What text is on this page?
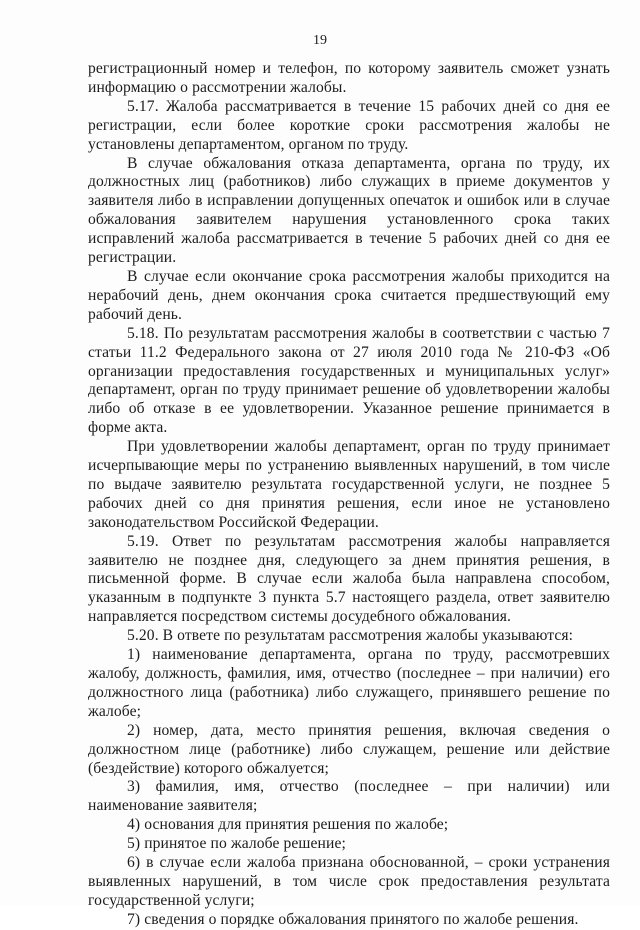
19

регистрационный номер и телефон, по которому заявитель сможет узнать информацию о рассмотрении жалобы.

5.17. Жалоба рассматривается в течение 15 рабочих дней со дня ее регистрации, если более короткие сроки рассмотрения жалобы не установлены департаментом, органом по труду.

В случае обжалования отказа департамента, органа по труду, их должностных лиц (работников) либо служащих в приеме документов у заявителя либо в исправлении допущенных опечаток и ошибок или в случае обжалования заявителем нарушения установленного срока таких исправлений жалоба рассматривается в течение 5 рабочих дней со дня ее регистрации.

В случае если окончание срока рассмотрения жалобы приходится на нерабочий день, днем окончания срока считается предшествующий ему рабочий день.

5.18. По результатам рассмотрения жалобы в соответствии с частью 7 статьи 11.2 Федерального закона от 27 июля 2010 года № 210-ФЗ «Об организации предоставления государственных и муниципальных услуг» департамент, орган по труду принимает решение об удовлетворении жалобы либо об отказе в ее удовлетворении. Указанное решение принимается в форме акта.

При удовлетворении жалобы департамент, орган по труду принимает исчерпывающие меры по устранению выявленных нарушений, в том числе по выдаче заявителю результата государственной услуги, не позднее 5 рабочих дней со дня принятия решения, если иное не установлено законодательством Российской Федерации.

5.19. Ответ по результатам рассмотрения жалобы направляется заявителю не позднее дня, следующего за днем принятия решения, в письменной форме. В случае если жалоба была направлена способом, указанным в подпункте 3 пункта 5.7 настоящего раздела, ответ заявителю направляется посредством системы досудебного обжалования.

5.20. В ответе по результатам рассмотрения жалобы указываются:

1) наименование департамента, органа по труду, рассмотревших жалобу, должность, фамилия, имя, отчество (последнее – при наличии) его должностного лица (работника) либо служащего, принявшего решение по жалобе;

2) номер, дата, место принятия решения, включая сведения о должностном лице (работнике) либо служащем, решение или действие (бездействие) которого обжалуется;

3) фамилия, имя, отчество (последнее – при наличии) или наименование заявителя;

4) основания для принятия решения по жалобе;

5) принятое по жалобе решение;

6) в случае если жалоба признана обоснованной, – сроки устранения выявленных нарушений, в том числе срок предоставления результата государственной услуги;

7) сведения о порядке обжалования принятого по жалобе решения.
